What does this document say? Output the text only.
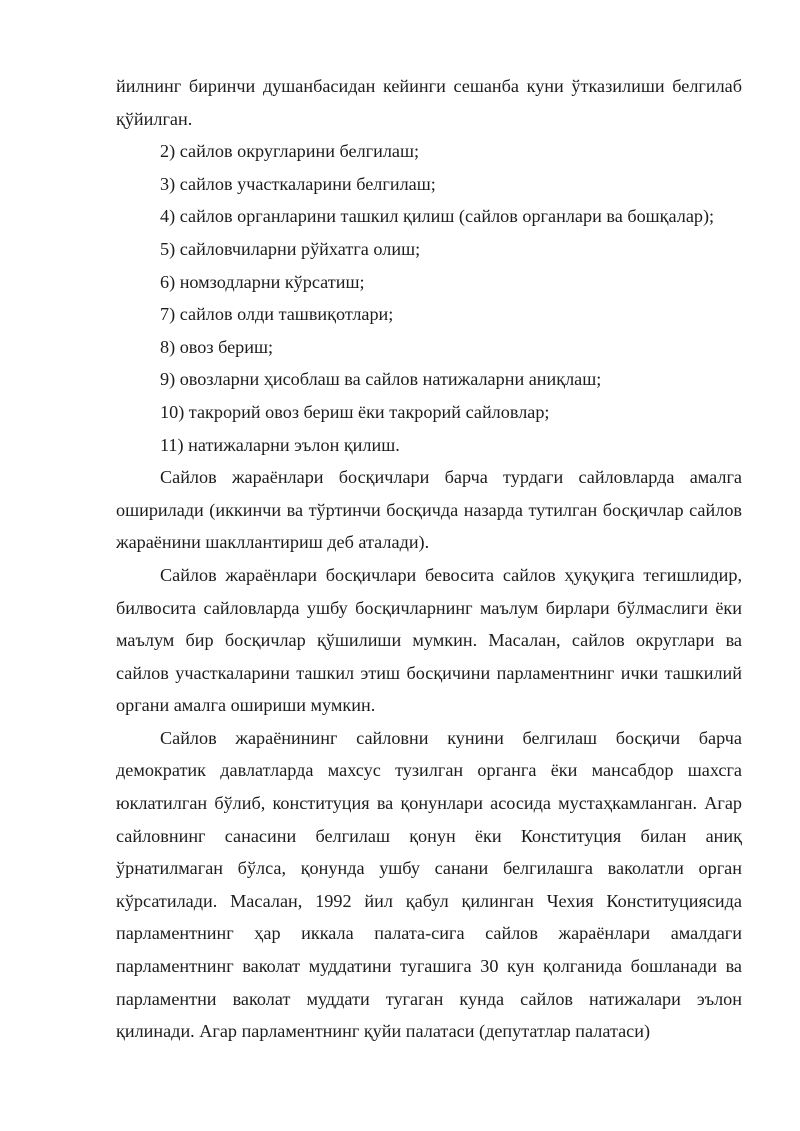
йилнинг биринчи душанбасидан кейинги сешанба куни ўтказилиши белгилаб қўйилган.

2) сайлов округларини белгилаш;

3) сайлов участкаларини белгилаш;

4) сайлов органларини ташкил қилиш (сайлов органлари ва бошқалар);

5) сайловчиларни рўйхатга олиш;

6) номзодларни кўрсатиш;

7) сайлов олди ташвиқотлари;

8) овоз бериш;

9) овозларни ҳисоблаш ва сайлов натижаларни аниқлаш;

10) такрорий овоз бериш ёки такрорий сайловлар;

11) натижаларни эълон қилиш.

Сайлов жараёнлари босқичлари барча турдаги сайловларда амалга оширилади (иккинчи ва тўртинчи босқичда назарда тутилган босқичлар сайлов жараёнини шакллантириш деб аталади).

Сайлов жараёнлари босқичлари бевосита сайлов ҳуқуқига тегишлидир, билвосита сайловларда ушбу босқичларнинг маълум бирлари бўлмаслиги ёки маълум бир босқичлар қўшилиши мумкин. Масалан, сайлов округлари ва сайлов участкаларини ташкил этиш босқичини парламентнинг ички ташкилий органи амалга ошириши мумкин.

Сайлов жараёнининг сайловни кунини белгилаш босқичи барча демократик давлатларда махсус тузилган органга ёки мансабдор шахсга юклатилган бўлиб, конституция ва қонунлари асосида мустаҳкамланган. Агар сайловнинг санасини белгилаш қонун ёки Конституция билан аниқ ўрнатилмаган бўлса, қонунда ушбу санани белгилашга ваколатли орган кўрсатилади. Масалан, 1992 йил қабул қилинган Чехия Конституциясида парламентнинг ҳар иккала палата-сига сайлов жараёнлари амалдаги парламентнинг ваколат муддатини тугашига 30 кун қолганида бошланади ва парламентни ваколат муддати тугаган кунда сайлов натижалари эълон қилинади. Агар парламентнинг қуйи палатаси (депутатлар палатаси)
